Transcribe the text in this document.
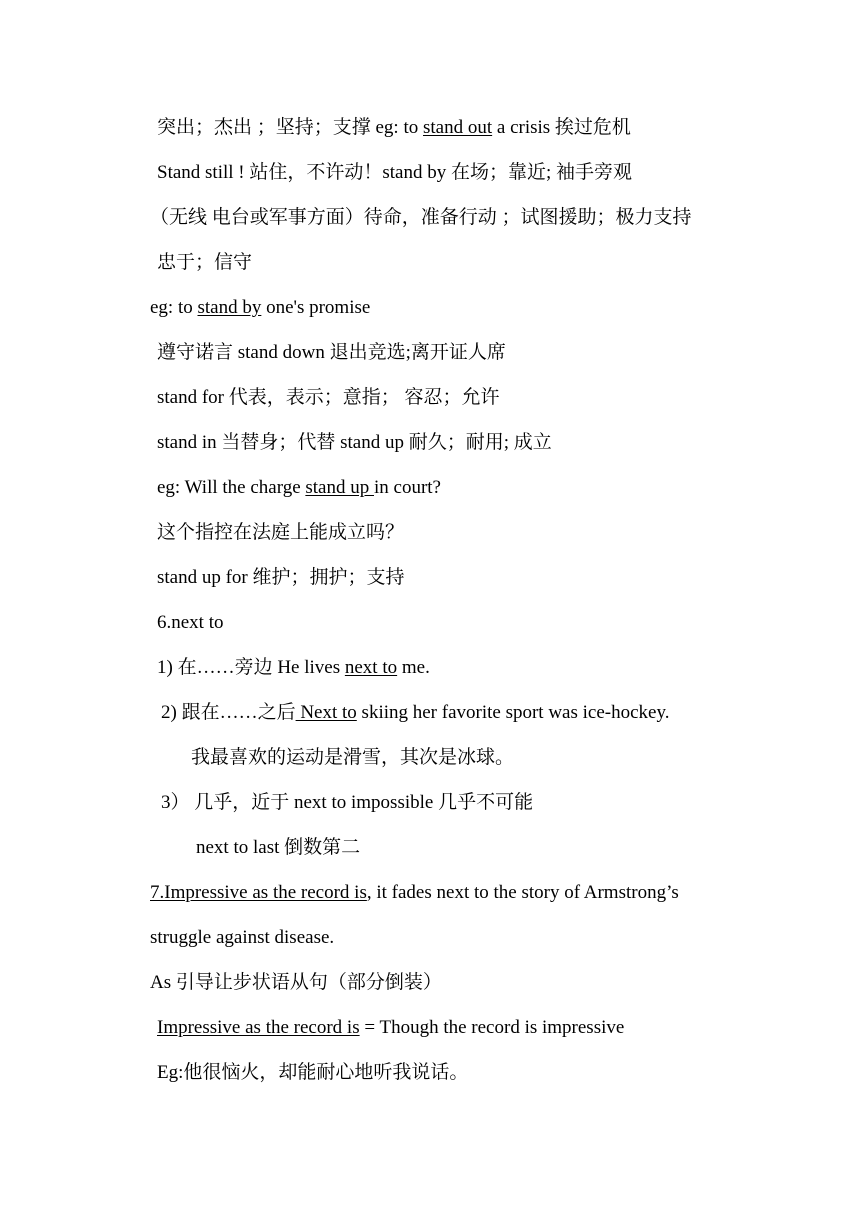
突出；杰出 ；坚持；支撑 eg: to stand out a crisis 挨过危机
Stand still ! 站住，不许动！stand by 在场；靠近; 袖手旁观
（无线 电台或军事方面）待命，准备行动 ；试图援助；极力支持
忠于；信守
eg: to stand by one's promise
遵守诺言 stand down 退出竞选;离开证人席
stand for 代表，表示；意指； 容忍；允许
stand in 当替身；代替 stand up 耐久；耐用; 成立
eg: Will the charge stand up in court?
这个指控在法庭上能成立吗？
stand up for 维护；拥护；支持
6.next to
1) 在……旁边 He lives next to me.
2) 跟在……之后 Next to skiing her favorite sport was ice-hockey.
我最喜欢的运动是滑雪，其次是冰球。
3） 几乎，近于 next to impossible 几乎不可能
next to last 倒数第二
7.Impressive as the record is, it fades next to the story of Armstrong’s
struggle against disease.
As 引导让步状语从句（部分倒装）
Impressive as the record is = Though the record is impressive
Eg:他很恼火，却能耐心地听我说话。
